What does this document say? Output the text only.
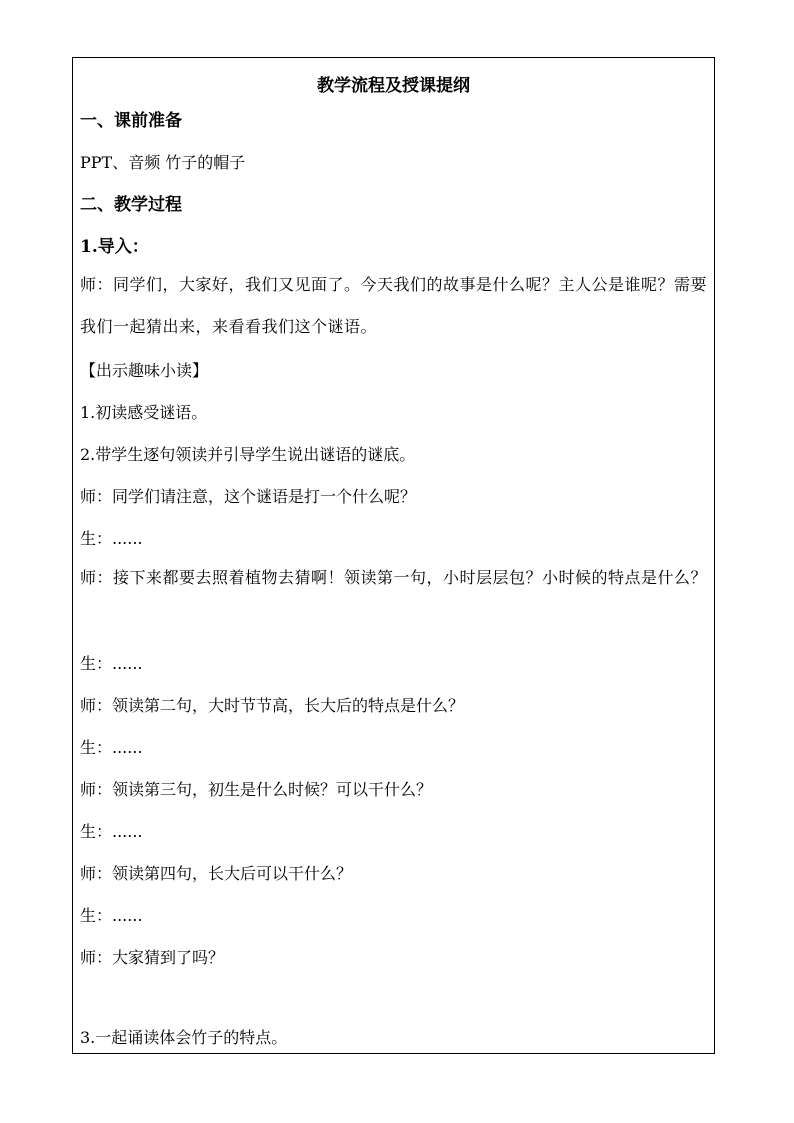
教学流程及授课提纲
一、课前准备
PPT、音频 竹子的帽子
二、教学过程
1.导入：
师：同学们，大家好，我们又见面了。今天我们的故事是什么呢？主人公是谁呢？需要我们一起猜出来，来看看我们这个谜语。
【出示趣味小读】
1.初读感受谜语。
2.带学生逐句领读并引导学生说出谜语的谜底。
师：同学们请注意，这个谜语是打一个什么呢？
生：......
师：接下来都要去照着植物去猜啊！领读第一句，小时层层包？小时候的特点是什么？
生：......
师：领读第二句，大时节节高，长大后的特点是什么？
生：......
师：领读第三句，初生是什么时候？可以干什么？
生：......
师：领读第四句，长大后可以干什么？
生：......
师：大家猜到了吗？
3.一起诵读体会竹子的特点。
